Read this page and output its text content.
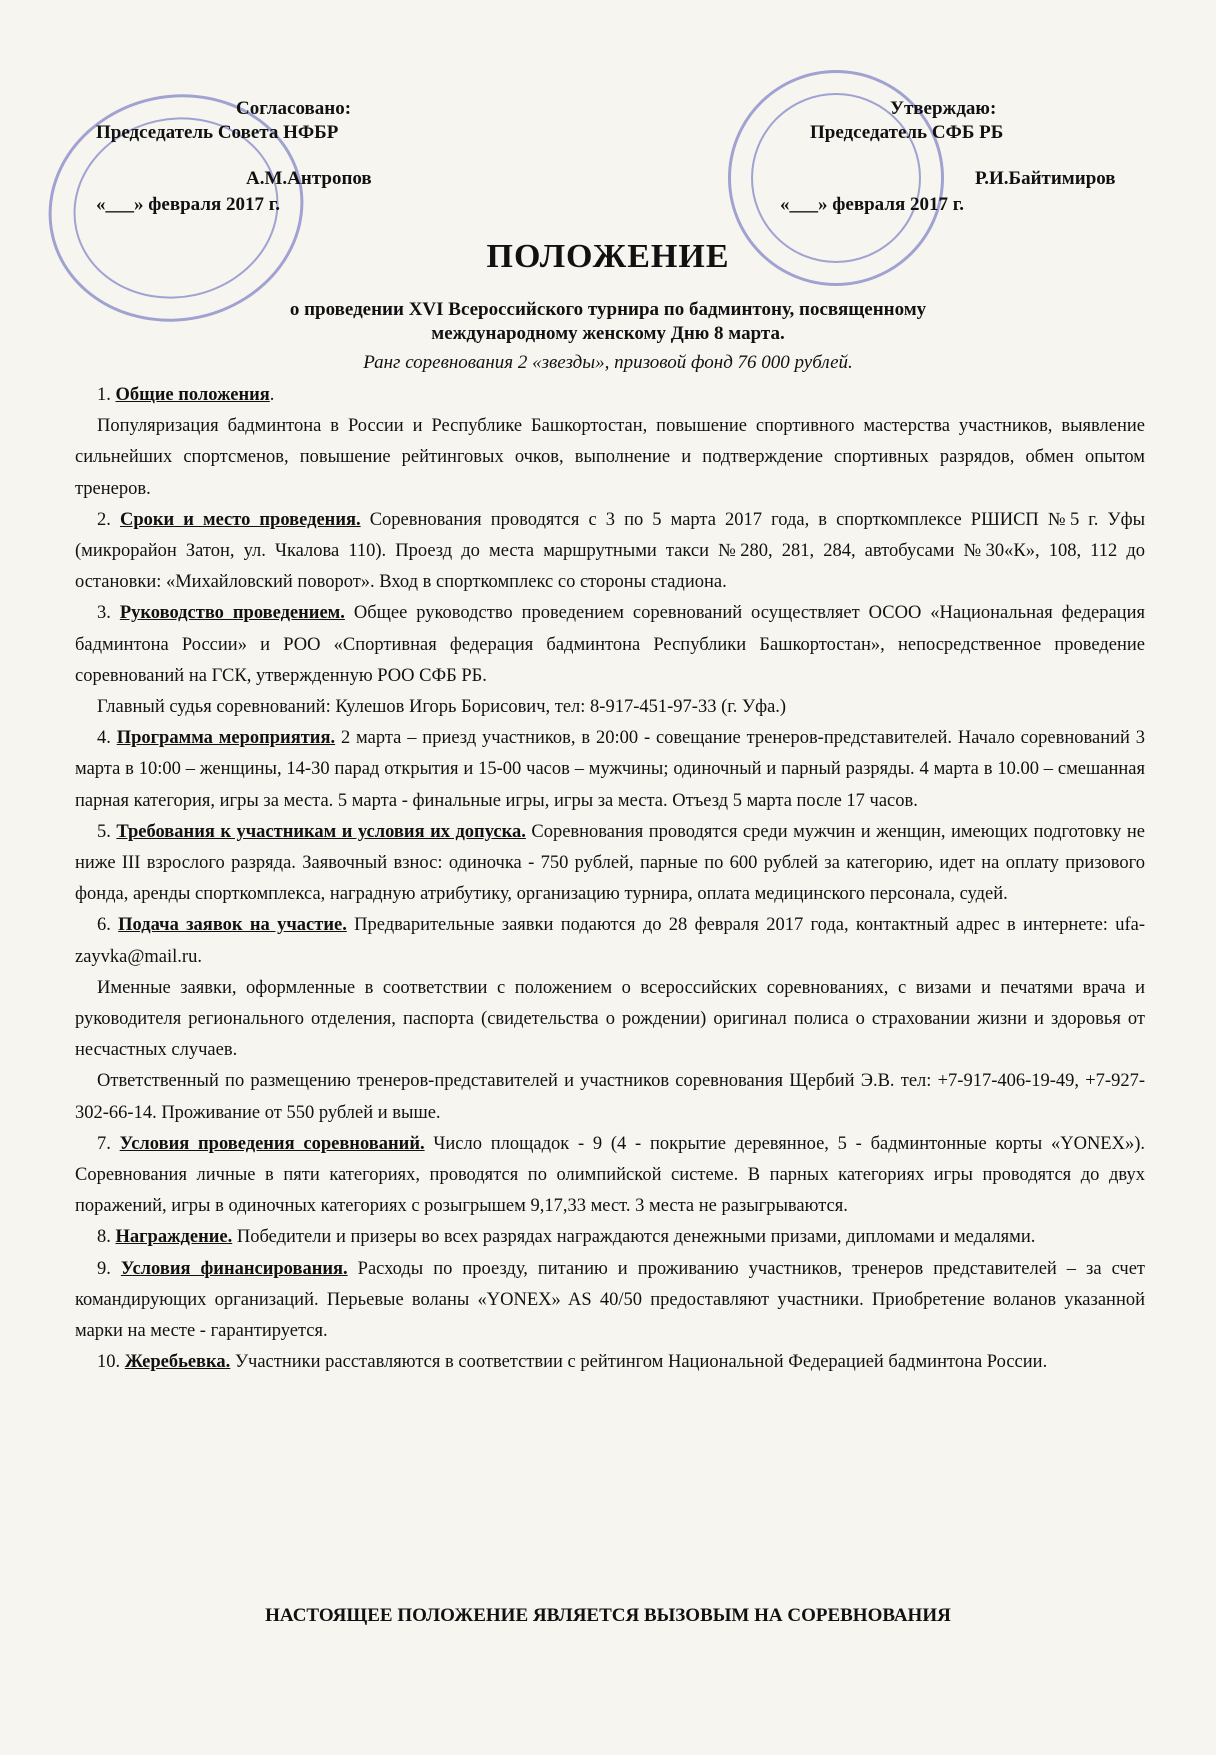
Согласовано:
Председатель Совета НФБР
А.М.Антропов
«___» февраля 2017 г.
Утверждаю:
Председатель СФБ РБ
Р.И.Байтимиров
«___» февраля 2017 г.
ПОЛОЖЕНИЕ
о проведении XVI Всероссийского турнира по бадминтону, посвященному
международному женскому Дню 8 марта.
Ранг соревнования 2 «звезды», призовой фонд 76 000 рублей.

1. Общие положения.

Популяризация бадминтона в России и Республике Башкортостан, повышение спортивного мастерства участников, выявление сильнейших спортсменов, повышение рейтинговых очков, выполнение и подтверждение спортивных разрядов, обмен опытом тренеров.

2. Сроки и место проведения. Соревнования проводятся с 3 по 5 марта 2017 года, в спорткомплексе РШИСП №5 г. Уфы (микрорайон Затон, ул. Чкалова 110). Проезд до места маршрутными такси №280, 281, 284, автобусами №30«К», 108, 112 до остановки: «Михайловский поворот». Вход в спорткомплекс со стороны стадиона.

3. Руководство проведением. Общее руководство проведением соревнований осуществляет ОСОО «Национальная федерация бадминтона России» и РОО «Спортивная федерация бадминтона Республики Башкортостан», непосредственное проведение соревнований на ГСК, утвержденную РОО СФБ РБ.

Главный судья соревнований: Кулешов Игорь Борисович, тел: 8-917-451-97-33 (г. Уфа.)

4. Программа мероприятия. 2 марта – приезд участников, в 20:00 - совещание тренеров-представителей. Начало соревнований 3 марта в 10:00 – женщины, 14-30 парад открытия и 15-00 часов – мужчины; одиночный и парный разряды. 4 марта в 10.00 – смешанная парная категория, игры за места. 5 марта - финальные игры, игры за места. Отъезд 5 марта после 17 часов.

5. Требования к участникам и условия их допуска. Соревнования проводятся среди мужчин и женщин, имеющих подготовку не ниже III взрослого разряда. Заявочный взнос: одиночка - 750 рублей, парные по 600 рублей за категорию, идет на оплату призового фонда, аренды спорткомплекса, наградную атрибутику, организацию турнира, оплата медицинского персонала, судей.

6. Подача заявок на участие. Предварительные заявки подаются до 28 февраля 2017 года, контактный адрес в интернете: ufa-zayvka@mail.ru.

Именные заявки, оформленные в соответствии с положением о всероссийских соревнованиях, с визами и печатями врача и руководителя регионального отделения, паспорта (свидетельства о рождении) оригинал полиса о страховании жизни и здоровья от несчастных случаев.

Ответственный по размещению тренеров-представителей и участников соревнования Щербий Э.В. тел: +7-917-406-19-49, +7-927-302-66-14. Проживание от 550 рублей и выше.

7. Условия проведения соревнований. Число площадок - 9 (4 - покрытие деревянное, 5 - бадминтонные корты «YONEX»). Соревнования личные в пяти категориях, проводятся по олимпийской системе. В парных категориях игры проводятся до двух поражений, игры в одиночных категориях с розыгрышем 9,17,33 мест. 3 места не разыгрываются.

8. Награждение. Победители и призеры во всех разрядах награждаются денежными призами, дипломами и медалями.

9. Условия финансирования. Расходы по проезду, питанию и проживанию участников, тренеров представителей – за счет командирующих организаций. Перьевые воланы «YONEX» AS 40/50 предоставляют участники. Приобретение воланов указанной марки на месте - гарантируется.

10. Жеребьевка. Участники расставляются в соответствии с рейтингом Национальной Федерацией бадминтона России.

НАСТОЯЩЕЕ ПОЛОЖЕНИЕ ЯВЛЯЕТСЯ ВЫЗОВЫМ НА СОРЕВНОВАНИЯ
